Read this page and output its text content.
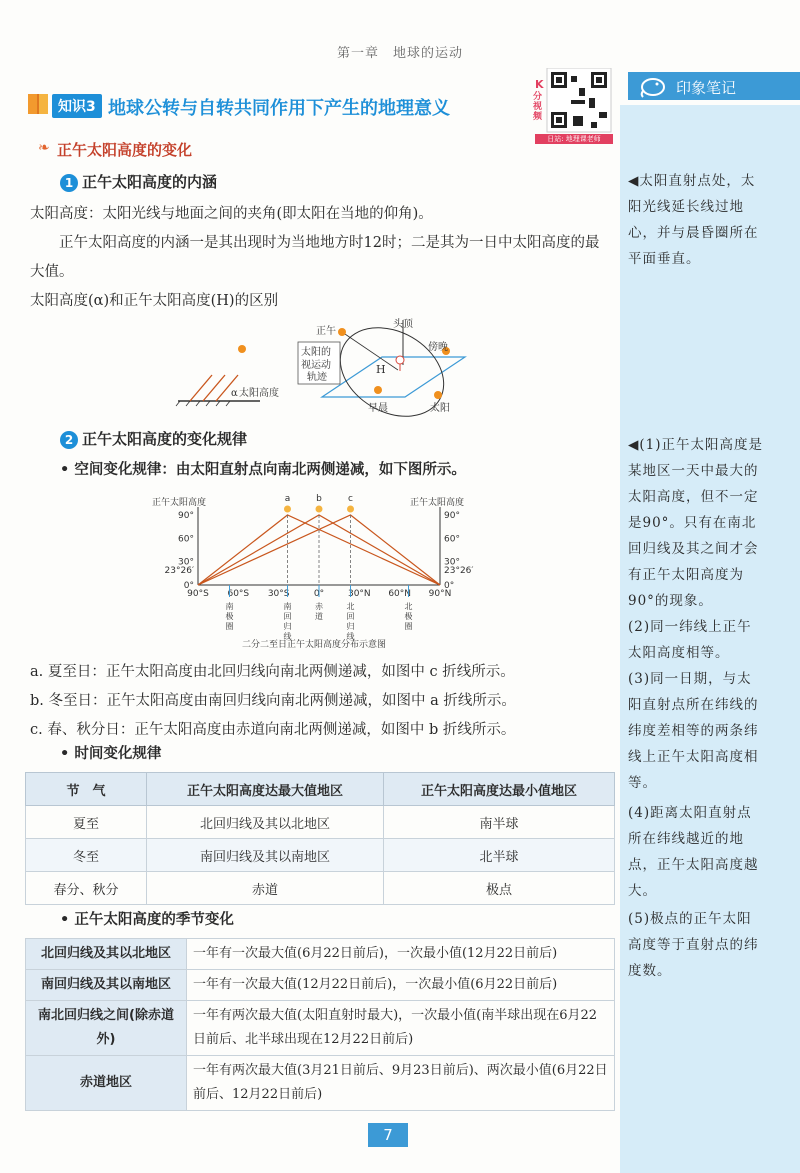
第一章　地球的运动
知识3 地球公转与自转共同作用下产生的地理意义
K
分视频
日站: 地理课老师
印象笔记
◀太阳直射点处，太阳光线延长线过地心，并与晨昏圈所在平面垂直。
◀(1)正午太阳高度是某地区一天中最大的太阳高度，但不一定是90°。只有在南北回归线及其之间才会有正午太阳高度为90°的现象。
(2)同一纬线上正午太阳高度相等。
(3)同一日期，与太阳直射点所在纬线的纬度差相等的两条纬线上正午太阳高度相等。
(4)距离太阳直射点所在纬线越近的地点，正午太阳高度越大。
(5)极点的正午太阳高度等于直射点的纬度数。
❧ 正午太阳高度的变化
1 正午太阳高度的内涵
太阳高度：太阳光线与地面之间的夹角(即太阳在当地的仰角)。
正午太阳高度的内涵一是其出现时为当地地方时12时；二是其为一日中太阳高度的最大值。
太阳高度(α)和正午太阳高度(H)的区别
α 太阳高度
正午
头顶
傍晚
早晨	太阳
H
太阳的
视运动
轨迹
2 正午太阳高度的变化规律
• 空间变化规律：由太阳直射点向南北两侧递减，如下图所示。
正午太阳高度	正午太阳高度
90°	90°
60°	60°
30°	30°
23°26′	23°26′
0°	0°
90°S 60°S 30°S	0°	30°N 60°N 90°N
南
极
圈
南
回
归
线
赤
道
北
回
归
线
北
极
圈
a	b	c
二分二至日正午太阳高度分布示意图
a. 夏至日：正午太阳高度由北回归线向南北两侧递减，如图中 c 折线所示。
b. 冬至日：正午太阳高度由南回归线向南北两侧递减，如图中 a 折线所示。
c. 春、秋分日：正午太阳高度由赤道向南北两侧递减，如图中 b 折线所示。
• 时间变化规律
节　气	正午太阳高度达最大值地区	正午太阳高度达最小值地区
夏至	北回归线及其以北地区	南半球
冬至	南回归线及其以南地区	北半球
春分、秋分	赤道	极点
• 正午太阳高度的季节变化
北回归线及其以北地区	一年有一次最大值(6月22日前后)，一次最小值(12月22日前后)
南回归线及其以南地区	一年有一次最大值(12月22日前后)，一次最小值(6月22日前后)
南北回归线之间(除赤道外)	一年有两次最大值(太阳直射时最大)，一次最小值(南半球出现在6月22日前后、北半球出现在12月22日前后)
赤道地区	一年有两次最大值(3月21日前后、9月23日前后)、两次最小值(6月22日前后、12月22日前后)
7
